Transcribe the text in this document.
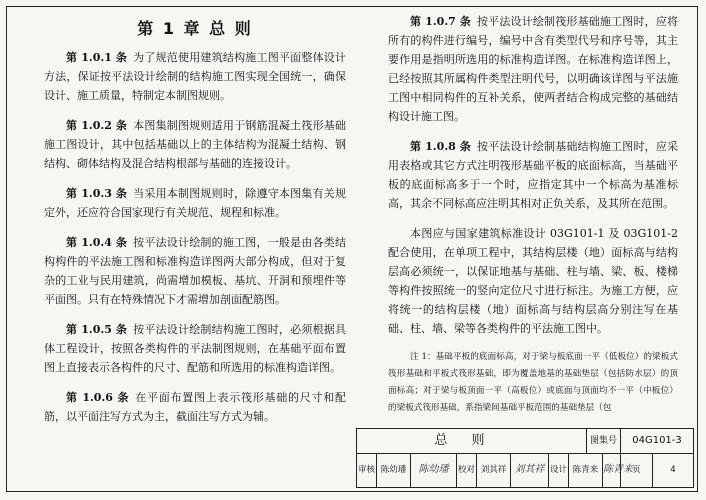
第 1 章 总 则

第 1.0.1 条 为了规范使用建筑结构施工图平面整体设计方法，保证按平法设计绘制的结构施工图实现全国统一，确保设计、施工质量，特制定本制图规则。

第 1.0.2 条 本图集制图规则适用于钢筋混凝土筏形基础施工图设计，其中包括基础以上的主体结构为混凝土结构、钢结构、砌体结构及混合结构根部与基础的连接设计。

第 1.0.3 条 当采用本制图规则时，除遵守本图集有关规定外，还应符合国家现行有关规范、规程和标准。

第 1.0.4 条 按平法设计绘制的施工图，一般是由各类结构构件的平法施工图和标准构造详图两大部分构成，但对于复杂的工业与民用建筑，尚需增加模板、基坑、开洞和预埋件等平面图。只有在特殊情况下才需增加剖面配筋图。

第 1.0.5 条 按平法设计绘制结构施工图时，必须根据具体工程设计，按照各类构件的平法制图规则，在基础平面布置图上直接表示各构件的尺寸、配筋和所选用的标准构造详图。

第 1.0.6 条 在平面布置图上表示筏形基础的尺寸和配筋，以平面注写方式为主，截面注写方式为辅。

第 1.0.7 条 按平法设计绘制筏形基础施工图时，应将所有的构件进行编号，编号中含有类型代号和序号等，其主要作用是指明所选用的标准构造详图。在标准构造详图上，已经按照其所属构件类型注明代号，以明确该详图与平法施工图中相同构件的互补关系，使两者结合构成完整的基础结构设计施工图。

第 1.0.8 条 按平法设计绘制基础结构施工图时，应采用表格或其它方式注明筏形基础平板的底面标高，当基础平板的底面标高多于一个时，应指定其中一个标高为基准标高，其余不同标高应注明其相对正负关系，及其所在范围。

本图应与国家建筑标准设计 03G101-1 及 03G101-2 配合使用，在单项工程中，其结构层楼（地）面标高与结构层高必须统一，以保证地基与基础、柱与墙、梁、板、楼梯等构件按照统一的竖向定位尺寸进行标注。为施工方便，应将统一的结构层楼（地）面标高与结构层高分别注写在基础、柱、墙、梁等各类构件的平法施工图中。

注 1：基础平板的底面标高，对于梁与板底面一平（低板位）的梁板式筏形基础和平板式筏形基础，即为覆盖地基的基础垫层（包括防水层）的顶面标高；对于梁与板顶面一平（高板位）或底面与顶面均不一平（中板位）的梁板式筏形基础，系指梁间基础平板范围的基础垫层（包

总则	图集号	04G101-3
审核 陈幼璠	陈幼璠	校对 刘其祥 刘其祥 设计 陈青来 陈青来 页	4
